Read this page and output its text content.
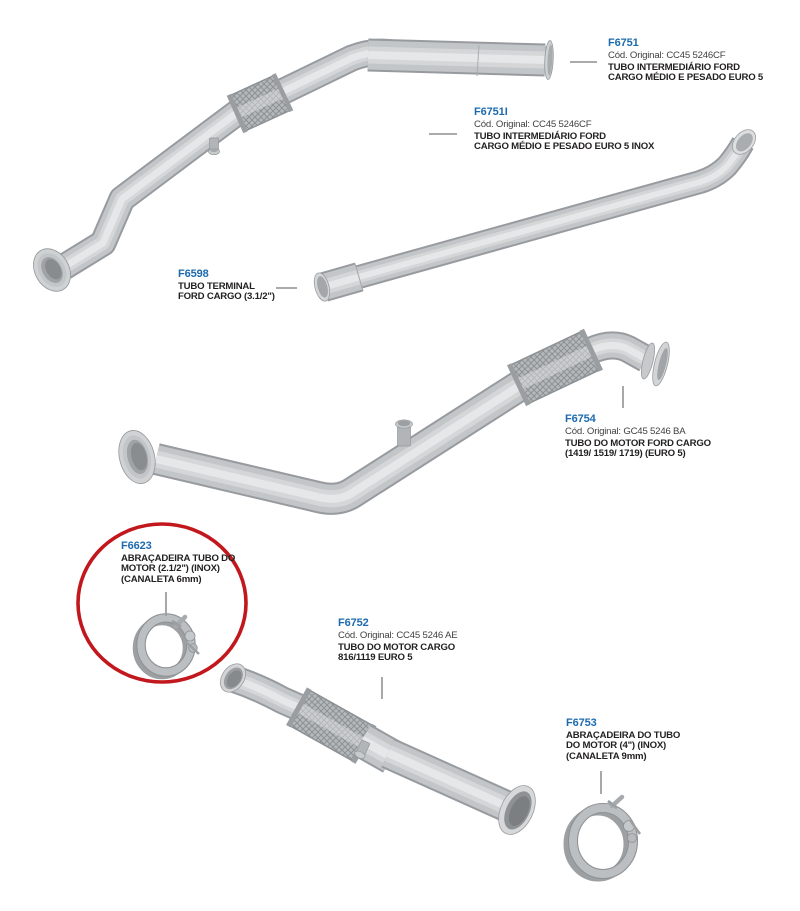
F6751
Cód. Original: CC45 5246CF
TUBO INTERMEDIÁRIO FORD
CARGO MÉDIO E PESADO EURO 5
F6751I
Cód. Original: CC45 5246CF
TUBO INTERMEDIÁRIO FORD
CARGO MÉDIO E PESADO EURO 5 INOX
F6598
TUBO TERMINAL
FORD CARGO (3.1/2")
F6754
Cód. Original: GC45 5246 BA
TUBO DO MOTOR FORD CARGO
(1419/ 1519/ 1719) (EURO 5)
F6623
ABRAÇADEIRA TUBO DO
MOTOR (2.1/2") (INOX)
(CANALETA 6mm)
F6752
Cód. Original: CC45 5246 AE
TUBO DO MOTOR CARGO
816/1119 EURO 5
F6753
ABRAÇADEIRA DO TUBO
DO MOTOR (4") (INOX)
(CANALETA 9mm)
